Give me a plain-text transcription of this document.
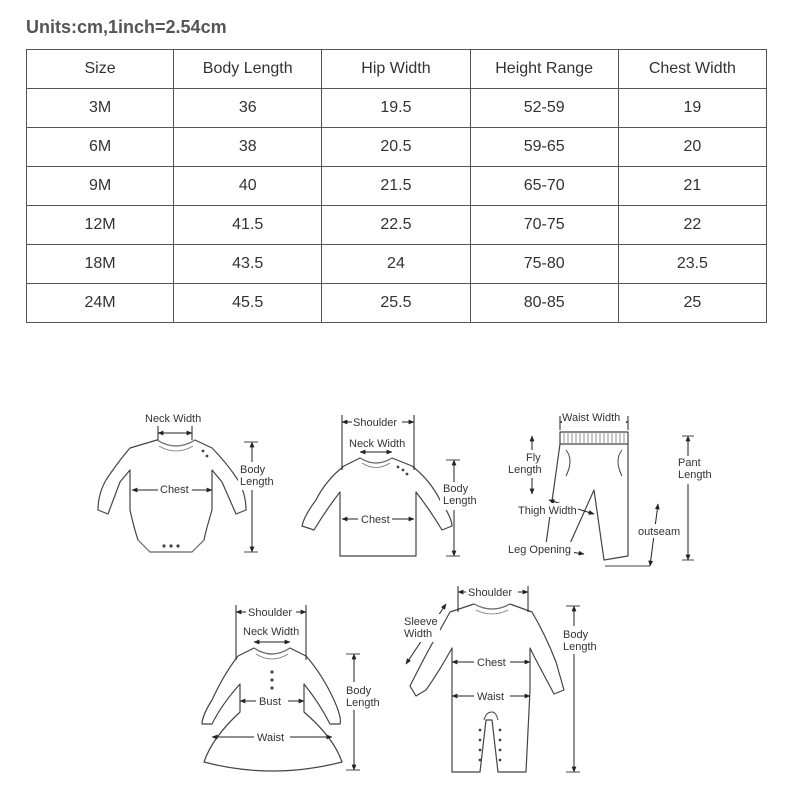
Units:cm,1inch=2.54cm
Size	Body Length	Hip Width	Height Range	Chest Width
3M	36	19.5	52-59	19
6M	38	20.5	59-65	20
9M	40	21.5	65-70	21
12M	41.5	22.5	70-75	22
18M	43.5	24	75-80	23.5
24M	45.5	25.5	80-85	25
Neck Width
Chest
Body
Length
Shoulder
Neck Width
Chest
Body
Length
Waist Width
Fly
Length
Thigh Width
Leg Opening
Pant
Length
outseam
Shoulder
Neck Width
Bust
Waist
Body
Length
Shoulder
Sleeve
Width
Chest
Waist
Body
Length
